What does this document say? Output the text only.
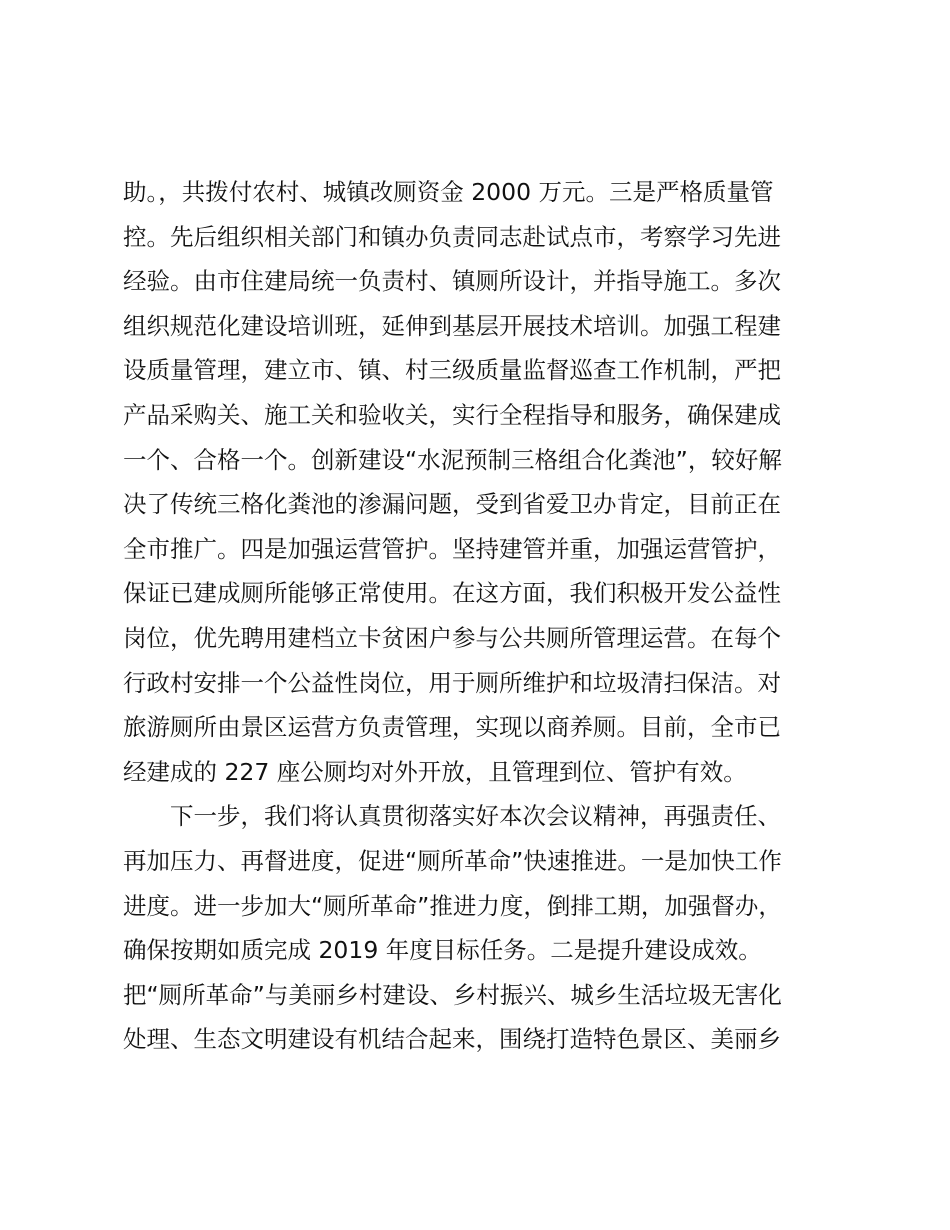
助。，共拨付农村、城镇改厕资金 2000 万元。三是严格质量管

控。先后组织相关部门和镇办负责同志赴试点市，考察学习先进

经验。由市住建局统一负责村、镇厕所设计，并指导施工。多次

组织规范化建设培训班，延伸到基层开展技术培训。加强工程建

设质量管理，建立市、镇、村三级质量监督巡查工作机制，严把

产品采购关、施工关和验收关，实行全程指导和服务，确保建成

一个、合格一个。创新建设“水泥预制三格组合化粪池”，较好解

决了传统三格化粪池的渗漏问题，受到省爱卫办肯定，目前正在

全市推广。四是加强运营管护。坚持建管并重，加强运营管护，

保证已建成厕所能够正常使用。在这方面，我们积极开发公益性

岗位，优先聘用建档立卡贫困户参与公共厕所管理运营。在每个

行政村安排一个公益性岗位，用于厕所维护和垃圾清扫保洁。对

旅游厕所由景区运营方负责管理，实现以商养厕。目前，全市已

经建成的 227 座公厕均对外开放，且管理到位、管护有效。

　　下一步，我们将认真贯彻落实好本次会议精神，再强责任、

再加压力、再督进度，促进“厕所革命”快速推进。一是加快工作

进度。进一步加大“厕所革命”推进力度，倒排工期，加强督办，

确保按期如质完成 2019 年度目标任务。二是提升建设成效。

把“厕所革命”与美丽乡村建设、乡村振兴、城乡生活垃圾无害化

处理、生态文明建设有机结合起来，围绕打造特色景区、美丽乡
